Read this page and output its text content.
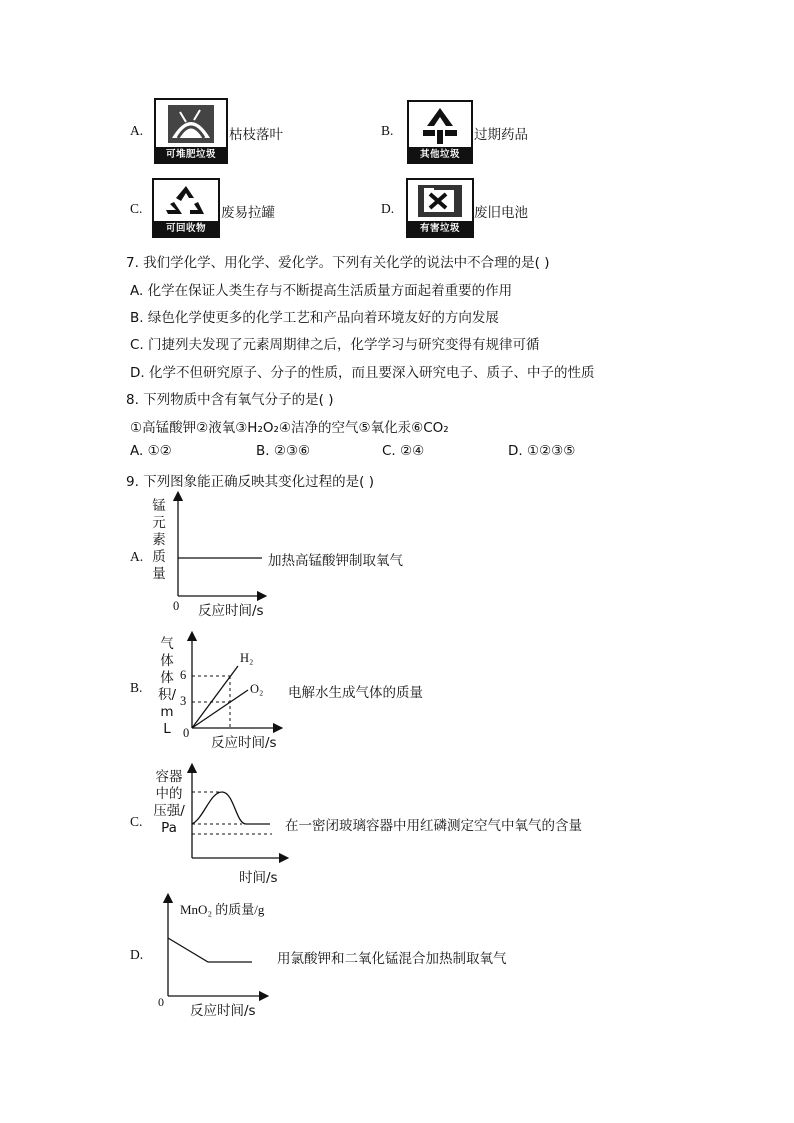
A.
可堆肥垃圾
枯枝落叶	B.
其他垃圾
过期药品
C.
可回收物
废易拉罐	D.
有害垃圾
废旧电池
7. 我们学化学、用化学、爱化学。下列有关化学的说法中不合理的是( )
A. 化学在保证人类生存与不断提高生活质量方面起着重要的作用
B. 绿色化学使更多的化学工艺和产品向着环境友好的方向发展
C. 门捷列夫发现了元素周期律之后，化学学习与研究变得有规律可循
D. 化学不但研究原子、分子的性质，而且要深入研究电子、质子、中子的性质
8. 下列物质中含有氧气分子的是( )
①高锰酸钾②液氧③H₂O₂④洁净的空气⑤氧化汞⑥CO₂
A. ①②	B. ②③⑥	C. ②④	D. ①②③⑤
9. 下列图象能正确反映其变化过程的是( )
A.
锰元素质量
0 反应时间/s
加热高锰酸钾制取氧气
B.
气体体积/mL
6
3
H₂
O₂
0
反应时间/s
电解水生成气体的质量
C.
容器中的压强/Pa
时间/s
在一密闭玻璃容器中用红磷测定空气中氧气的含量
D.
MnO₂ 的质量/g
0
反应时间/s
用氯酸钾和二氧化锰混合加热制取氧气
